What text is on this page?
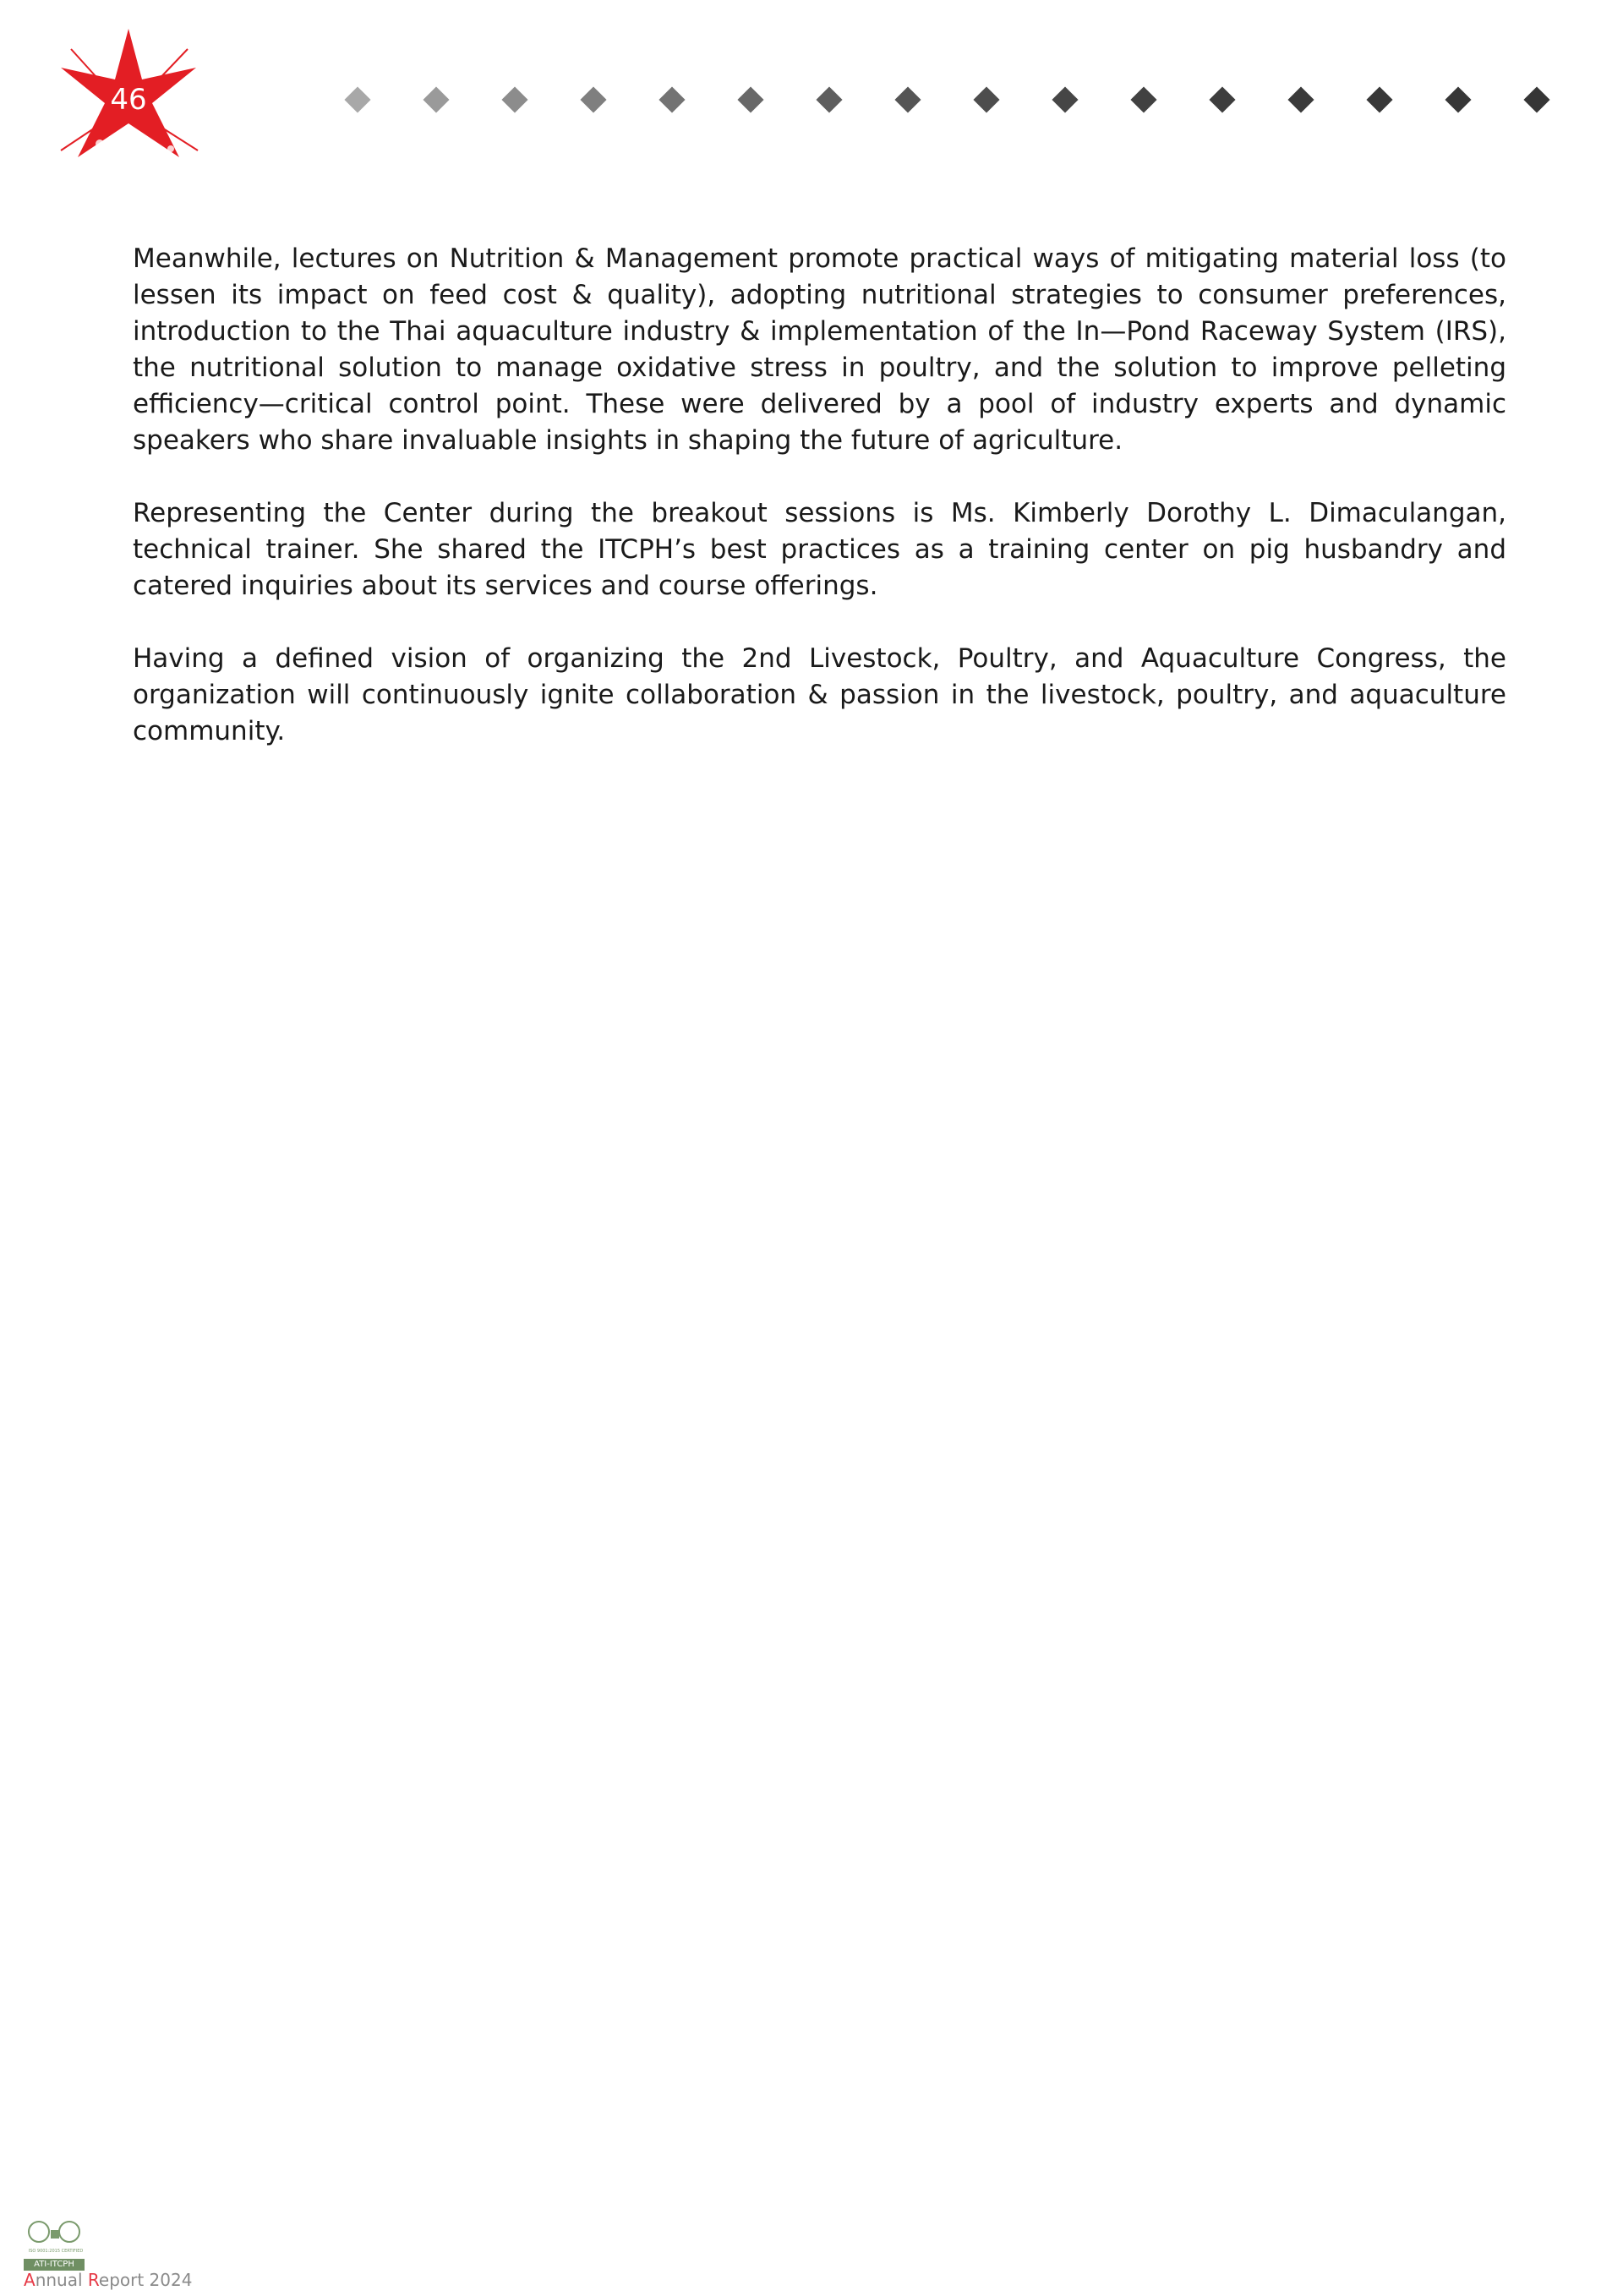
46

Meanwhile, lectures on Nutrition & Management promote practical ways of mitigating material loss (to lessen its impact on feed cost & quality), adopting nutritional strategies to consumer preferences, introduction to the Thai aquaculture industry & implementation of the In—Pond Raceway System (IRS), the nutritional solution to manage oxidative stress in poultry, and the solution to improve pelleting efficiency—critical control point. These were delivered by a pool of industry experts and dynamic speakers who share invaluable insights in shaping the future of agriculture.

Representing the Center during the breakout sessions is Ms. Kimberly Dorothy L. Dimaculangan, technical trainer. She shared the ITCPH’s best practices as a training center on pig husbandry and catered inquiries about its services and course offerings.

Having a defined vision of organizing the 2nd Livestock, Poultry, and Aquaculture Congress, the organization will continuously ignite collaboration & passion in the livestock, poultry, and aquaculture community.

ISO 9001:2015 CERTIFIED
ATI-ITCPH
Annual Report 2024
